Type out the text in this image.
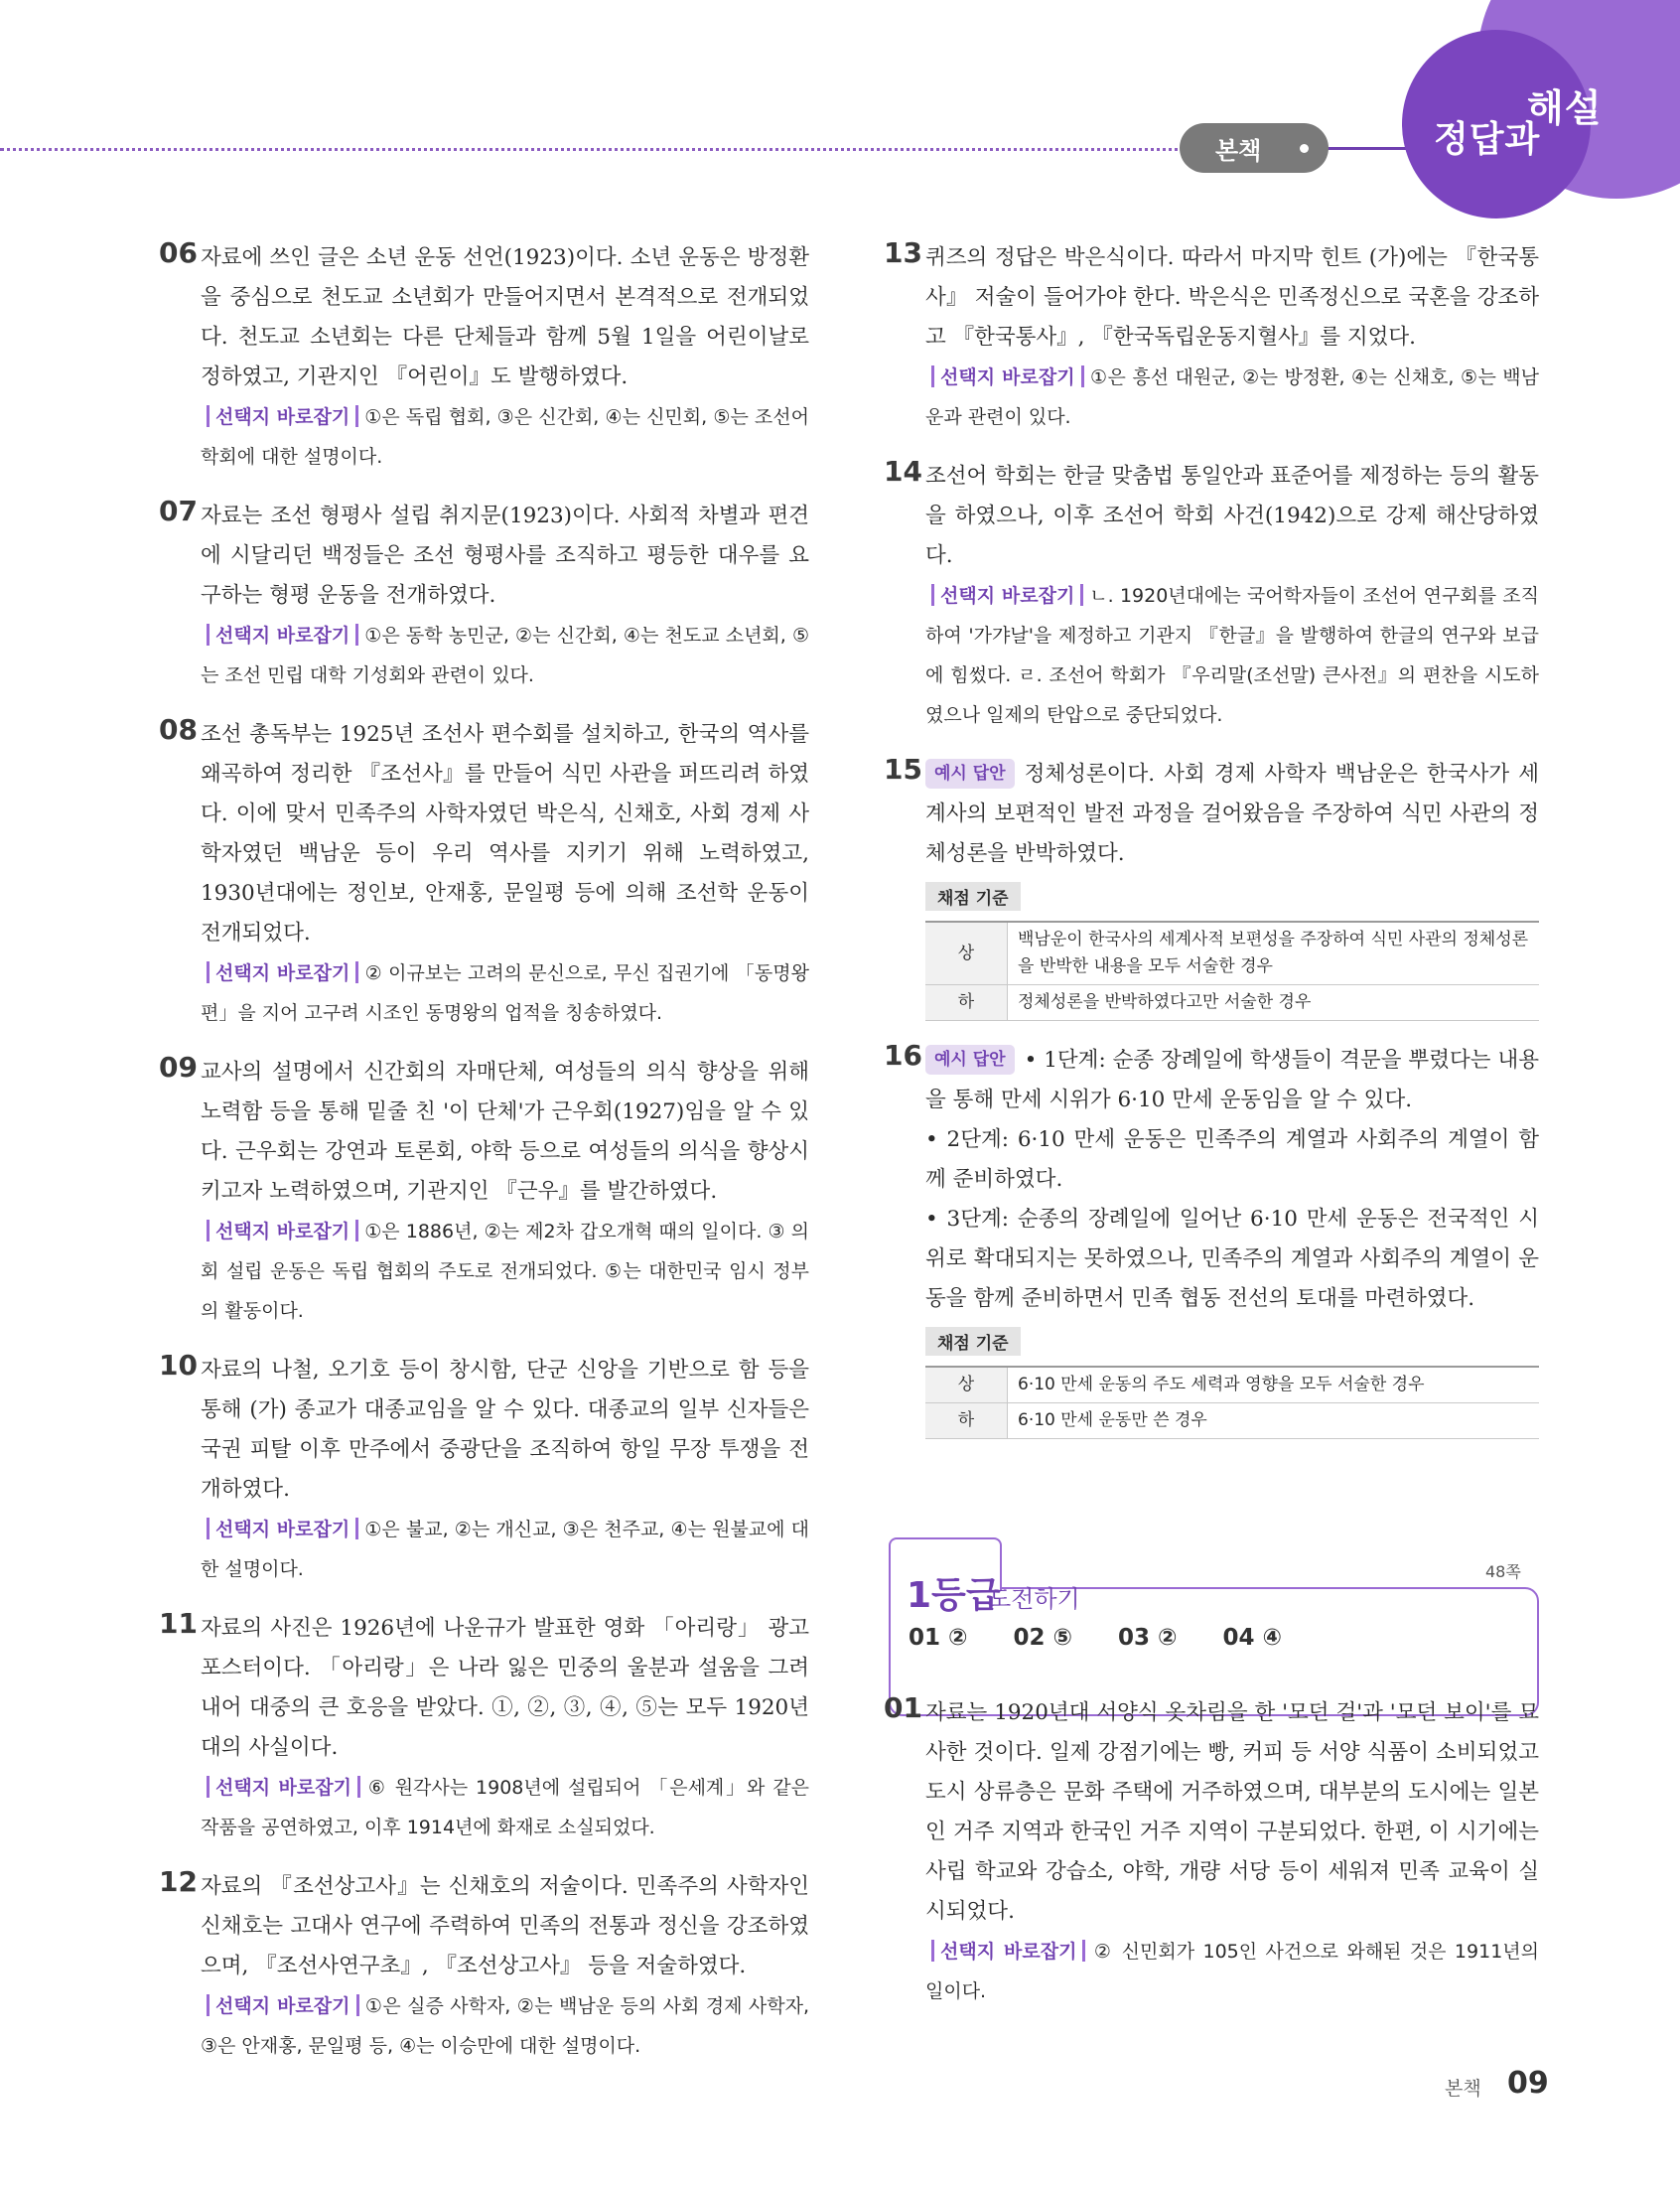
본책	정답과
해설
06 자료에 쓰인 글은 소년 운동 선언(1923)이다. 소년 운동은 방정환을 중심으로 천도교 소년회가 만들어지면서 본격적으로 전개되었다. 천도교 소년회는 다른 단체들과 함께 5월 1일을 어린이날로 정하였고, 기관지인 『어린이』도 발행하였다.
선택지 바로잡기 ①은 독립 협회, ③은 신간회, ④는 신민회, ⑤는 조선어 학회에 대한 설명이다.
07 자료는 조선 형평사 설립 취지문(1923)이다. 사회적 차별과 편견에 시달리던 백정들은 조선 형평사를 조직하고 평등한 대우를 요구하는 형평 운동을 전개하였다.
선택지 바로잡기 ①은 동학 농민군, ②는 신간회, ④는 천도교 소년회, ⑤는 조선 민립 대학 기성회와 관련이 있다.
08 조선 총독부는 1925년 조선사 편수회를 설치하고, 한국의 역사를 왜곡하여 정리한 『조선사』를 만들어 식민 사관을 퍼뜨리려 하였다. 이에 맞서 민족주의 사학자였던 박은식, 신채호, 사회 경제 사학자였던 백남운 등이 우리 역사를 지키기 위해 노력하였고, 1930년대에는 정인보, 안재홍, 문일평 등에 의해 조선학 운동이 전개되었다.
선택지 바로잡기 ② 이규보는 고려의 문신으로, 무신 집권기에 「동명왕편」을 지어 고구려 시조인 동명왕의 업적을 칭송하였다.
09 교사의 설명에서 신간회의 자매단체, 여성들의 의식 향상을 위해 노력함 등을 통해 밑줄 친 '이 단체'가 근우회(1927)임을 알 수 있다. 근우회는 강연과 토론회, 야학 등으로 여성들의 의식을 향상시키고자 노력하였으며, 기관지인 『근우』를 발간하였다.
선택지 바로잡기 ①은 1886년, ②는 제2차 갑오개혁 때의 일이다. ③ 의회 설립 운동은 독립 협회의 주도로 전개되었다. ⑤는 대한민국 임시 정부의 활동이다.
10 자료의 나철, 오기호 등이 창시함, 단군 신앙을 기반으로 함 등을 통해 (가) 종교가 대종교임을 알 수 있다. 대종교의 일부 신자들은 국권 피탈 이후 만주에서 중광단을 조직하여 항일 무장 투쟁을 전개하였다.
선택지 바로잡기 ①은 불교, ②는 개신교, ③은 천주교, ④는 원불교에 대한 설명이다.
11 자료의 사진은 1926년에 나운규가 발표한 영화 「아리랑」 광고 포스터이다. 「아리랑」은 나라 잃은 민중의 울분과 설움을 그려 내어 대중의 큰 호응을 받았다. ①, ②, ③, ④, ⑤는 모두 1920년대의 사실이다.
선택지 바로잡기 ⑥ 원각사는 1908년에 설립되어 「은세계」와 같은 작품을 공연하였고, 이후 1914년에 화재로 소실되었다.
12 자료의 『조선상고사』는 신채호의 저술이다. 민족주의 사학자인 신채호는 고대사 연구에 주력하여 민족의 전통과 정신을 강조하였으며, 『조선사연구초』, 『조선상고사』 등을 저술하였다.
선택지 바로잡기 ①은 실증 사학자, ②는 백남운 등의 사회 경제 사학자, ③은 안재홍, 문일평 등, ④는 이승만에 대한 설명이다.
13 퀴즈의 정답은 박은식이다. 따라서 마지막 힌트 (가)에는 『한국통사』 저술이 들어가야 한다. 박은식은 민족정신으로 국혼을 강조하고 『한국통사』, 『한국독립운동지혈사』를 지었다.
선택지 바로잡기 ①은 흥선 대원군, ②는 방정환, ④는 신채호, ⑤는 백남운과 관련이 있다.
14 조선어 학회는 한글 맞춤법 통일안과 표준어를 제정하는 등의 활동을 하였으나, 이후 조선어 학회 사건(1942)으로 강제 해산당하였다.
선택지 바로잡기 ㄴ. 1920년대에는 국어학자들이 조선어 연구회를 조직하여 '가갸날'을 제정하고 기관지 『한글』을 발행하여 한글의 연구와 보급에 힘썼다. ㄹ. 조선어 학회가 『우리말(조선말) 큰사전』의 편찬을 시도하였으나 일제의 탄압으로 중단되었다.
15 예시 답안 정체성론이다. 사회 경제 사학자 백남운은 한국사가 세계사의 보편적인 발전 과정을 걸어왔음을 주장하여 식민 사관의 정체성론을 반박하였다.
채점 기준
상	백남운이 한국사의 세계사적 보편성을 주장하여 식민 사관의 정체성론을 반박한 내용을 모두 서술한 경우
하	정체성론을 반박하였다고만 서술한 경우
16 예시 답안 • 1단계: 순종 장례일에 학생들이 격문을 뿌렸다는 내용을 통해 만세 시위가 6·10 만세 운동임을 알 수 있다.
• 2단계: 6·10 만세 운동은 민족주의 계열과 사회주의 계열이 함께 준비하였다.
• 3단계: 순종의 장례일에 일어난 6·10 만세 운동은 전국적인 시위로 확대되지는 못하였으나, 민족주의 계열과 사회주의 계열이 운동을 함께 준비하면서 민족 협동 전선의 토대를 마련하였다.
채점 기준
상	6·10 만세 운동의 주도 세력과 영향을 모두 서술한 경우
하	6·10 만세 운동만 쓴 경우
1등급
도전하기
48쪽
01 ② 02 ⑤ 03 ② 04 ④
01 자료는 1920년대 서양식 옷차림을 한 '모던 걸'과 '모던 보이'를 묘사한 것이다. 일제 강점기에는 빵, 커피 등 서양 식품이 소비되었고 도시 상류층은 문화 주택에 거주하였으며, 대부분의 도시에는 일본인 거주 지역과 한국인 거주 지역이 구분되었다. 한편, 이 시기에는 사립 학교와 강습소, 야학, 개량 서당 등이 세워져 민족 교육이 실시되었다.
선택지 바로잡기 ② 신민회가 105인 사건으로 와해된 것은 1911년의 일이다.
본책 09
